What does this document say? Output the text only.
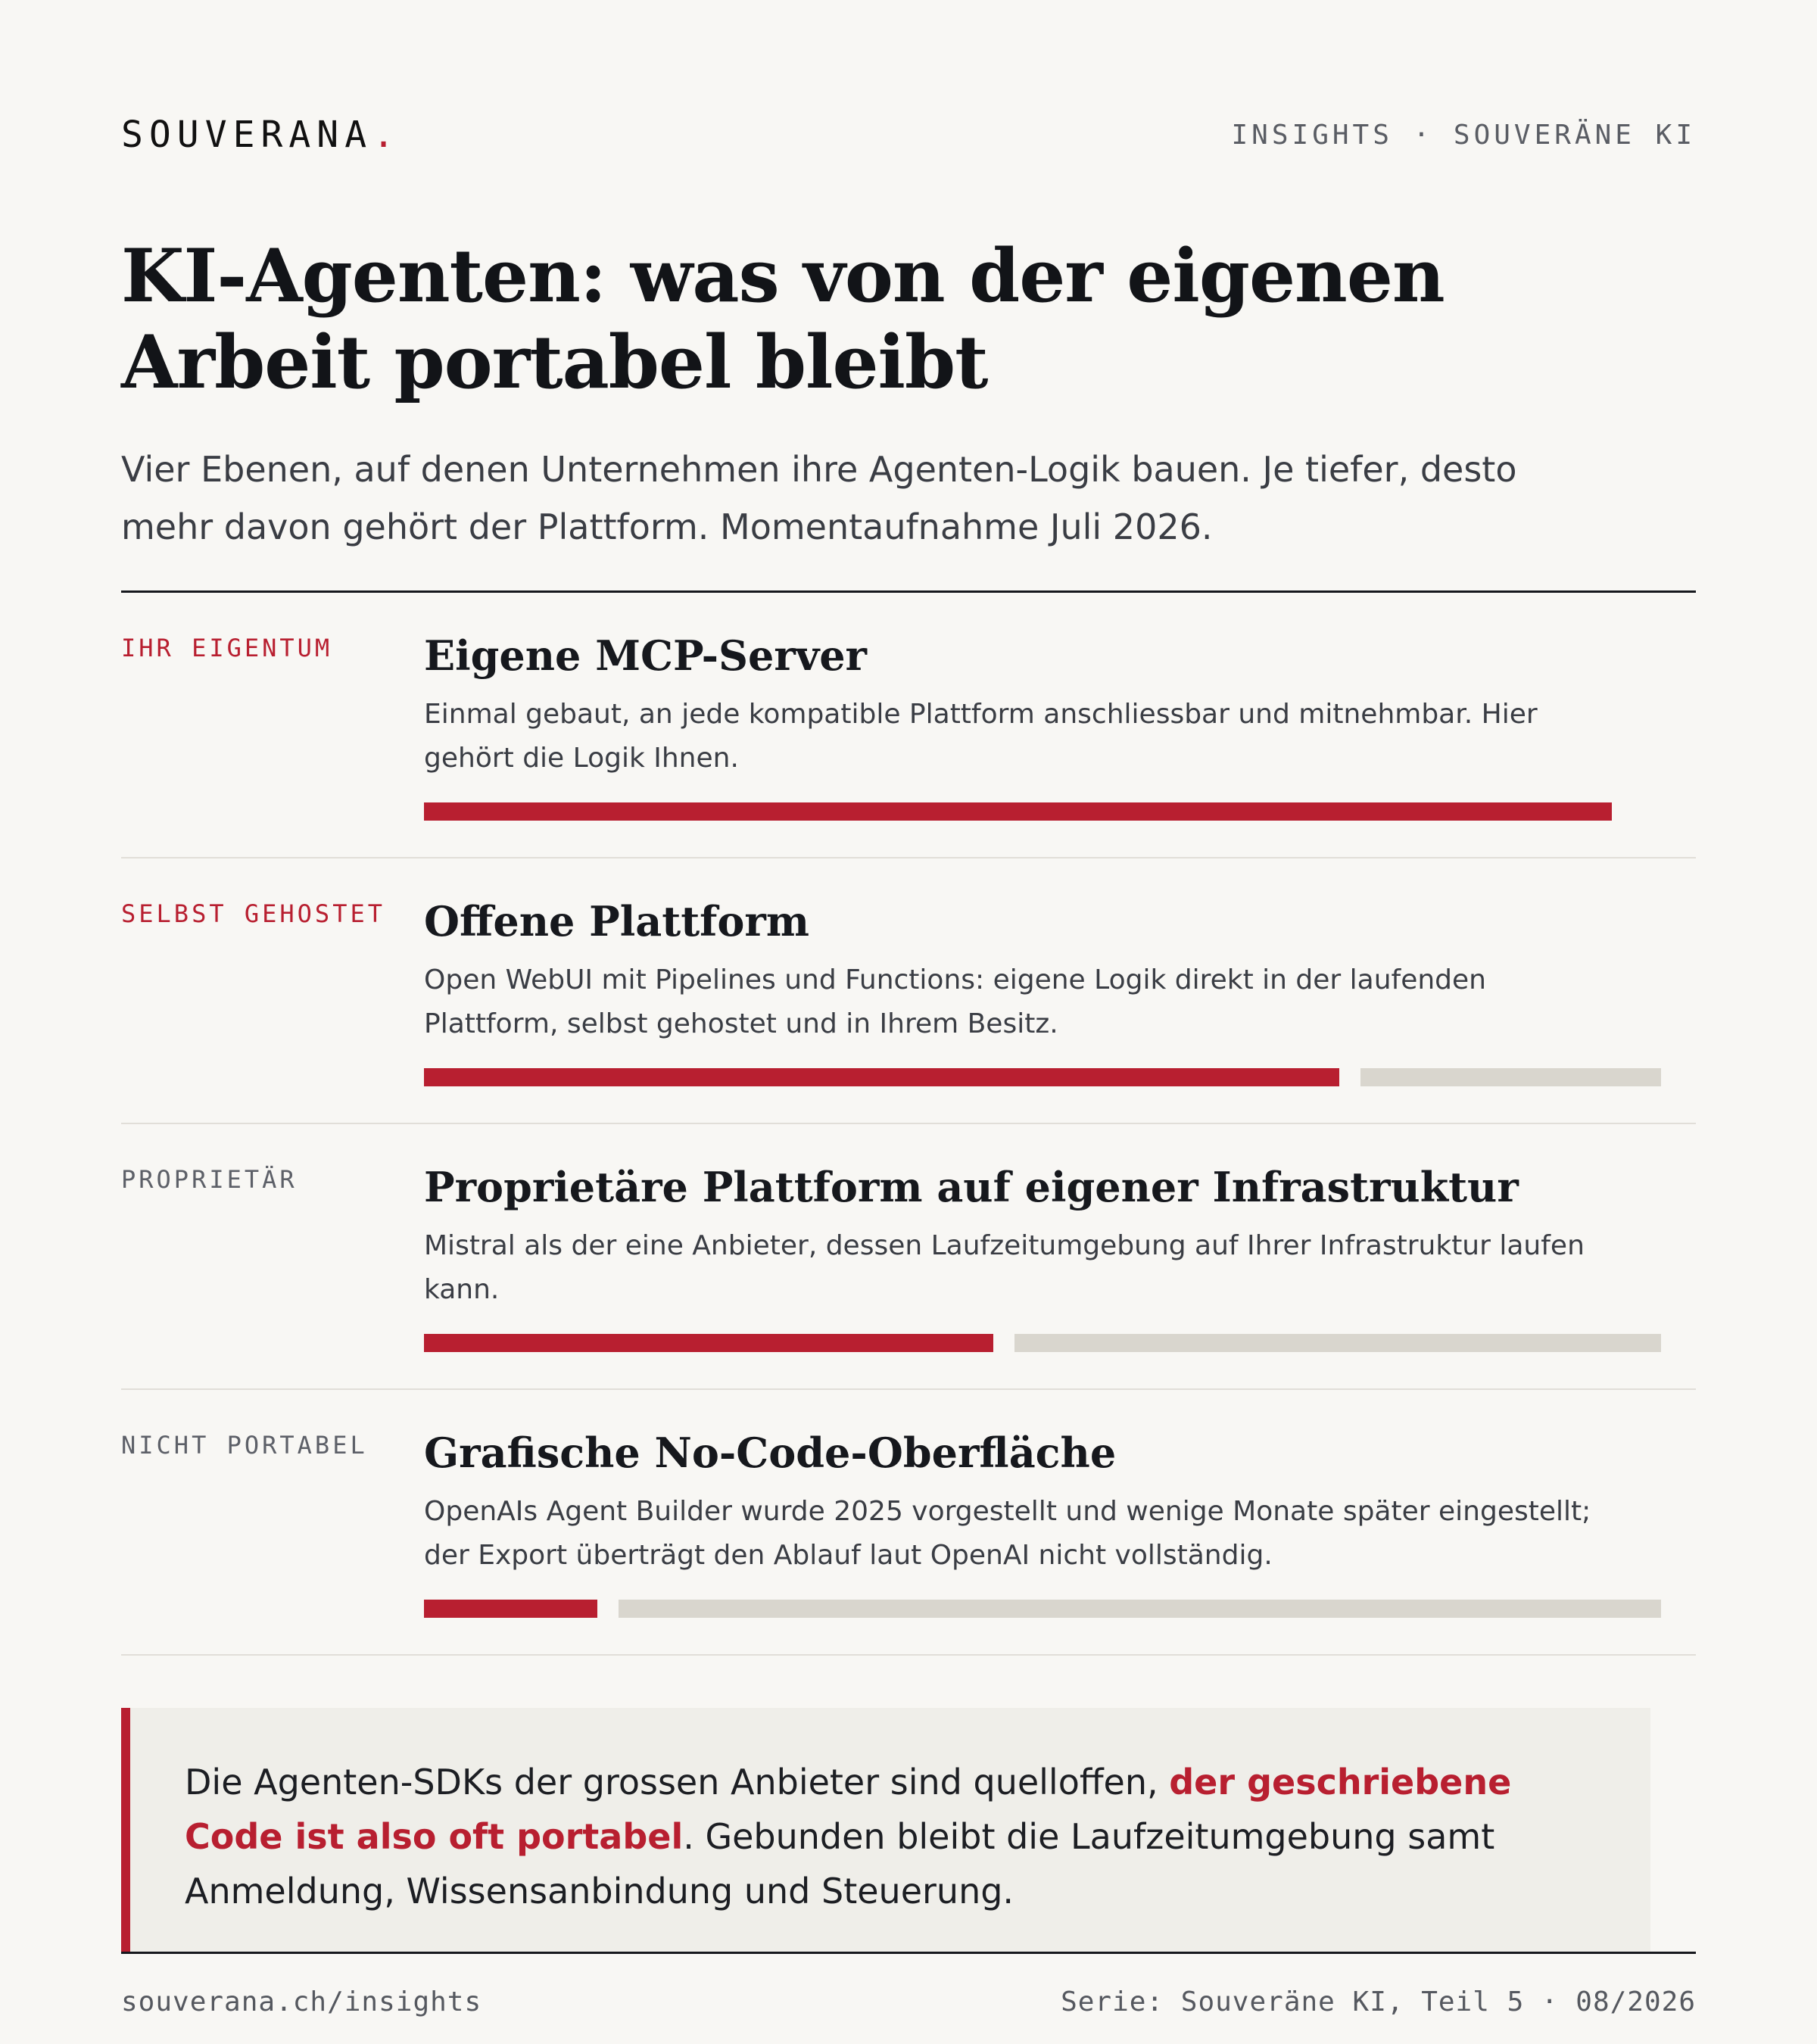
SOUVERANA.	INSIGHTS · SOUVERÄNE KI
KI-Agenten: was von der eigenen Arbeit portabel bleibt

Vier Ebenen, auf denen Unternehmen ihre Agenten-Logik bauen. Je tiefer, desto mehr davon gehört der Plattform. Momentaufnahme Juli 2026.

IHR EIGENTUM Eigene MCP-Server

Einmal gebaut, an jede kompatible Plattform anschliessbar und mitnehmbar. Hier gehört die Logik Ihnen.

SELBST GEHOSTET Offene Plattform

Open WebUI mit Pipelines und Functions: eigene Logik direkt in der laufenden Plattform, selbst gehostet und in Ihrem Besitz.

PROPRIETÄR	Proprietäre Plattform auf eigener Infrastruktur

Mistral als der eine Anbieter, dessen Laufzeitumgebung auf Ihrer Infrastruktur laufen kann.

NICHT PORTABEL Grafische No-Code-Oberfläche

OpenAIs Agent Builder wurde 2025 vorgestellt und wenige Monate später eingestellt; der Export überträgt den Ablauf laut OpenAI nicht vollständig.

Die Agenten-SDKs der grossen Anbieter sind quelloffen, der geschriebene Code ist also oft portabel. Gebunden bleibt die Laufzeitumgebung samt Anmeldung, Wissensanbindung und Steuerung.

souverana.ch/insights	Serie: Souveräne KI, Teil 5 · 08/2026
